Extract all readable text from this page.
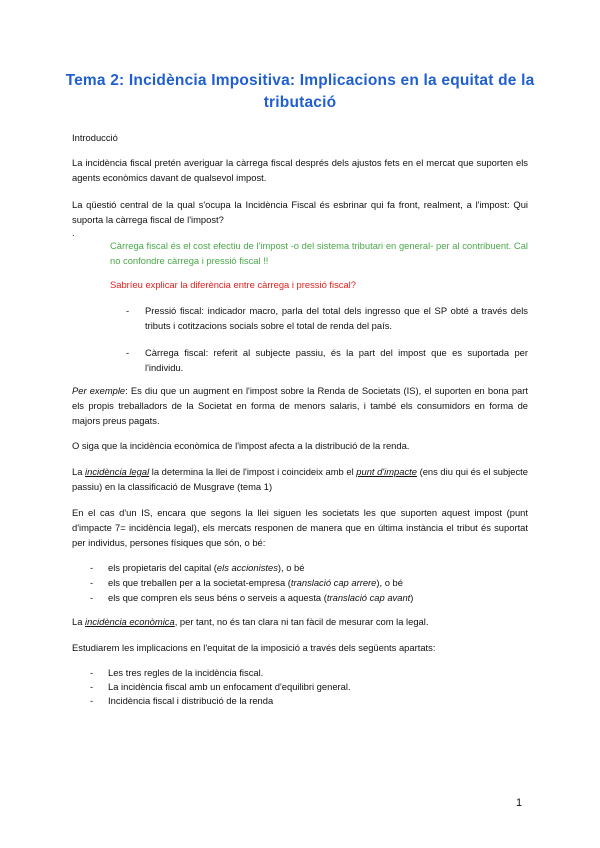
Tema 2: Incidència Impositiva: Implicacions en la equitat de la tributació
Introducció
La incidència fiscal pretén averiguar la càrrega fiscal després dels ajustos fets en el mercat que suporten els agents econòmics davant de qualsevol impost.
La qüestió central de la qual s'ocupa la Incidència Fiscal és esbrinar qui fa front, realment, a l'impost: Qui suporta la càrrega fiscal de l'impost?
.
Càrrega fiscal és el cost efectiu de l'impost -o del sistema tributari en general- per al contribuent. Cal no confondre càrrega i pressió fiscal !!
Sabríeu explicar la diferència entre càrrega i pressió fiscal?
- Pressió fiscal: indicador macro, parla del total dels ingresso que el SP obté a través dels tributs i cotitzacions socials sobre el total de renda del país.
- Càrrega fiscal: referit al subjecte passiu, és la part del impost que es suportada per l'individu.
Per exemple: Es diu que un augment en l'impost sobre la Renda de Societats (IS), el suporten en bona part els propis treballadors de la Societat en forma de menors salaris, i també els consumidors en forma de majors preus pagats.
O siga que la incidència econòmica de l'impost afecta a la distribució de la renda.
La incidència legal la determina la llei de l'impost i coincideix amb el punt d'impacte (ens diu qui és el subjecte passiu) en la classificació de Musgrave (tema 1)
En el cas d'un IS, encara que segons la llei siguen les societats les que suporten aquest impost (punt d'impacte 7= incidència legal), els mercats responen de manera que en última instància el tribut és suportat per individus, persones físiques que són, o bé:
- els propietaris del capital (els accionistes), o bé
- els que treballen per a la societat-empresa (translació cap arrere), o bé
- els que compren els seus béns o serveis a aquesta (translació cap avant)
La incidència econòmica, per tant, no és tan clara ni tan fàcil de mesurar com la legal.
Estudiarem les implicacions en l'equitat de la imposició a través dels següents apartats:
- Les tres regles de la incidència fiscal.
- La incidència fiscal amb un enfocament d'equilibri general.
- Incidència fiscal i distribució de la renda
1
